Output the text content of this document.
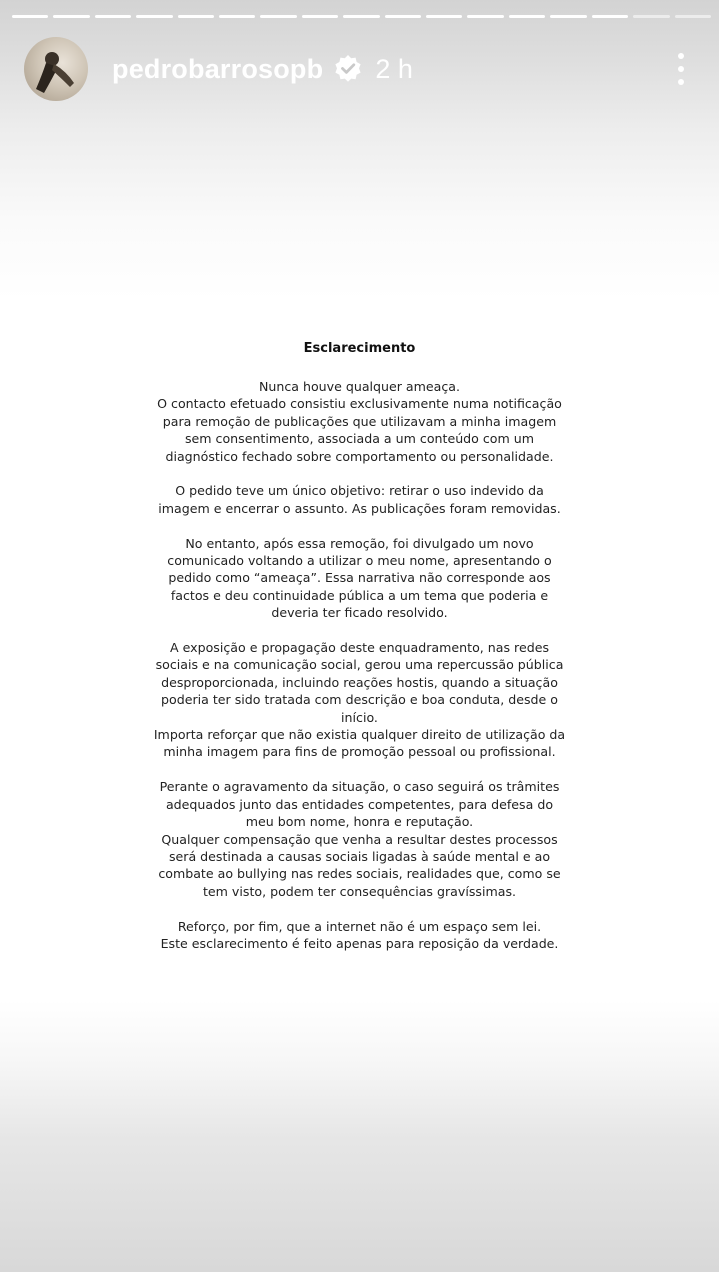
pedrobarrosopb 2 h
Esclarecimento

Nunca houve qualquer ameaça.
O contacto efetuado consistiu exclusivamente numa notificação
para remoção de publicações que utilizavam a minha imagem
sem consentimento, associada a um conteúdo com um
diagnóstico fechado sobre comportamento ou personalidade.

O pedido teve um único objetivo: retirar o uso indevido da
imagem e encerrar o assunto. As publicações foram removidas.

No entanto, após essa remoção, foi divulgado um novo
comunicado voltando a utilizar o meu nome, apresentando o
pedido como “ameaça”. Essa narrativa não corresponde aos
factos e deu continuidade pública a um tema que poderia e
deveria ter ficado resolvido.

A exposição e propagação deste enquadramento, nas redes
sociais e na comunicação social, gerou uma repercussão pública
desproporcionada, incluindo reações hostis, quando a situação
poderia ter sido tratada com descrição e boa conduta, desde o
início.
Importa reforçar que não existia qualquer direito de utilização da
minha imagem para fins de promoção pessoal ou profissional.

Perante o agravamento da situação, o caso seguirá os trâmites
adequados junto das entidades competentes, para defesa do
meu bom nome, honra e reputação.
Qualquer compensação que venha a resultar destes processos
será destinada a causas sociais ligadas à saúde mental e ao
combate ao bullying nas redes sociais, realidades que, como se
tem visto, podem ter consequências gravíssimas.

Reforço, por fim, que a internet não é um espaço sem lei.
Este esclarecimento é feito apenas para reposição da verdade.
